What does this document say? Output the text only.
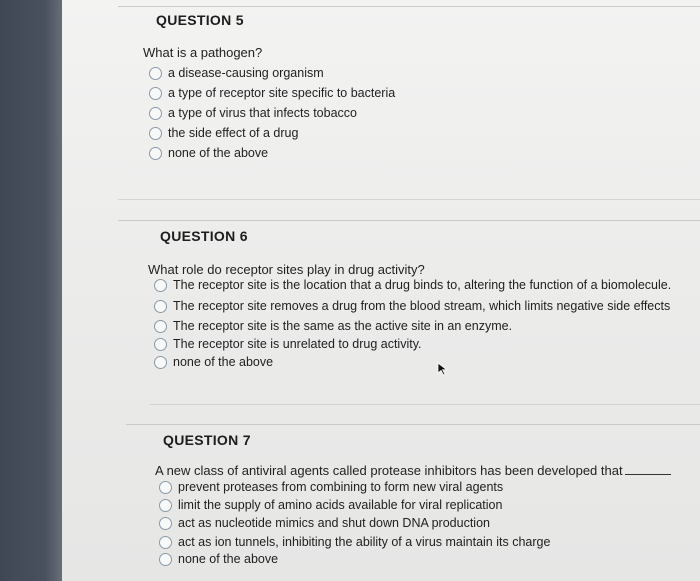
QUESTION 5
What is a pathogen?
a disease-causing organism
a type of receptor site specific to bacteria
a type of virus that infects tobacco
the side effect of a drug
none of the above
QUESTION 6
What role do receptor sites play in drug activity?
The receptor site is the location that a drug binds to, altering the function of a biomolecule.
The receptor site removes a drug from the blood stream, which limits negative side effects
The receptor site is the same as the active site in an enzyme.
The receptor site is unrelated to drug activity.
none of the above
QUESTION 7
A new class of antiviral agents called protease inhibitors has been developed that
prevent proteases from combining to form new viral agents
limit the supply of amino acids available for viral replication
act as nucleotide mimics and shut down DNA production
act as ion tunnels, inhibiting the ability of a virus maintain its charge
none of the above
